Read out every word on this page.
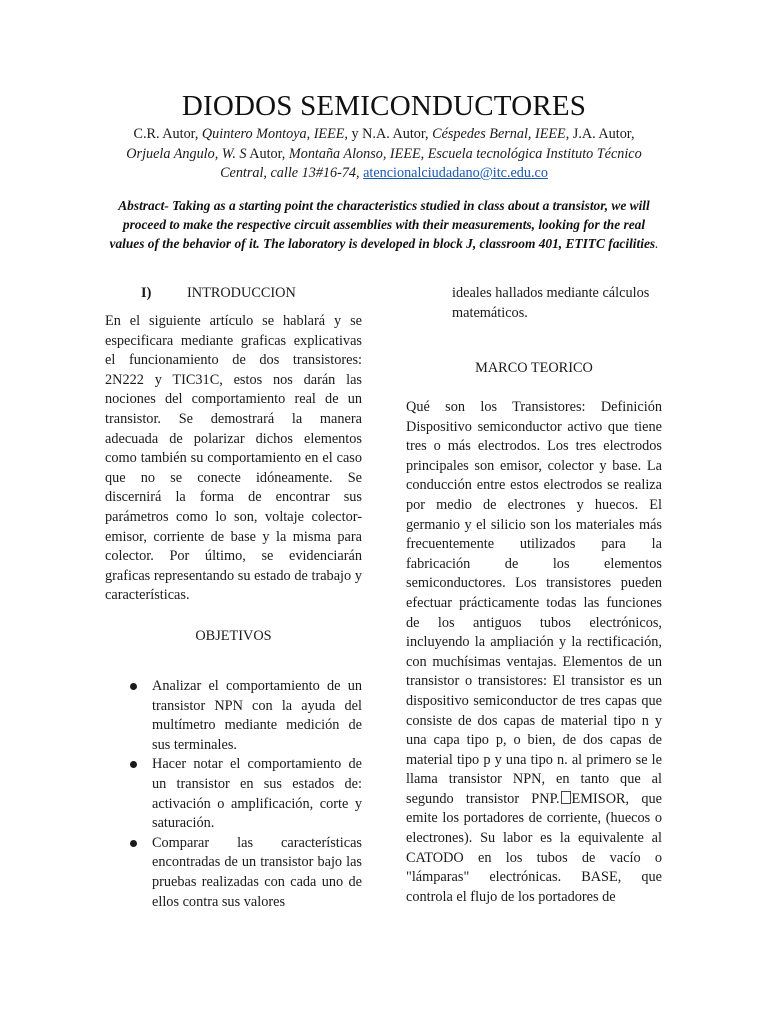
DIODOS SEMICONDUCTORES
C.R. Autor, Quintero Montoya, IEEE, y N.A. Autor, Céspedes Bernal, IEEE, J.A. Autor, Orjuela Angulo, W. S Autor, Montaña Alonso, IEEE, Escuela tecnológica Instituto Técnico Central, calle 13#16-74, atencionalciudadano@itc.edu.co
Abstract- Taking as a starting point the characteristics studied in class about a transistor, we will proceed to make the respective circuit assemblies with their measurements, looking for the real values of the behavior of it. The laboratory is developed in block J, classroom 401, ETITC facilities.
I) INTRODUCCION

En el siguiente artículo se hablará y se especificara mediante graficas explicativas el funcionamiento de dos transistores: 2N222 y TIC31C, estos nos darán las nociones del comportamiento real de un transistor. Se demostrará la manera adecuada de polarizar dichos elementos como también su comportamiento en el caso que no se conecte idóneamente. Se discernirá la forma de encontrar sus parámetros como lo son, voltaje colector-emisor, corriente de base y la misma para colector. Por último, se evidenciarán graficas representando su estado de trabajo y características.

OBJETIVOS

Analizar el comportamiento de un transistor NPN con la ayuda del multímetro mediante medición de sus terminales.

Hacer notar el comportamiento de un transistor en sus estados de: activación o amplificación, corte y saturación.

Comparar las características encontradas de un transistor bajo las pruebas realizadas con cada uno de ellos contra sus valores

ideales hallados mediante cálculos matemáticos.

MARCO TEORICO

Qué son los Transistores: Definición Dispositivo semiconductor activo que tiene tres o más electrodos. Los tres electrodos principales son emisor, colector y base. La conducción entre estos electrodos se realiza por medio de electrones y huecos. El germanio y el silicio son los materiales más frecuentemente utilizados para la fabricación de los elementos semiconductores. Los transistores pueden efectuar prácticamente todas las funciones de los antiguos tubos electrónicos, incluyendo la ampliación y la rectificación, con muchísimas ventajas. Elementos de un transistor o transistores: El transistor es un dispositivo semiconductor de tres capas que consiste de dos capas de material tipo n y una capa tipo p, o bien, de dos capas de material tipo p y una tipo n. al primero se le llama transistor NPN, en tanto que al segundo transistor PNP. EMISOR, que emite los portadores de corriente, (huecos o electrones). Su labor es la equivalente al CATODO en los tubos de vacío o "lámparas" electrónicas. BASE, que controla el flujo de los portadores de
